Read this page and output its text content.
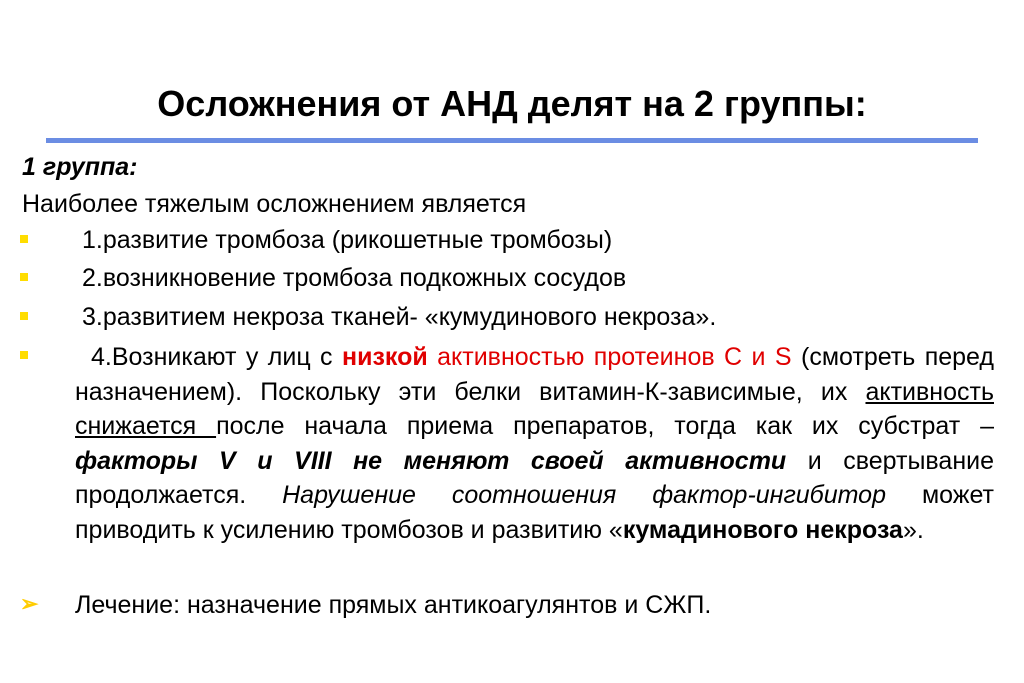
Осложнения от АНД делят на 2 группы:
1 группа:
Наиболее тяжелым осложнением является
1.развитие тромбоза (рикошетные тромбозы)
2.возникновение тромбоза подкожных сосудов
3.развитием некроза тканей- «кумудинового некроза».
4.Возникают у лиц с низкой активностью протеинов С и S (смотреть перед назначением). Поскольку эти белки витамин-К-зависимые, их активность снижается после начала приема препаратов, тогда как их субстрат –факторы V и VIII не меняют своей активности и свертывание продолжается. Нарушение соотношения фактор-ингибитор может приводить к усилению тромбозов и развитию «кумадинового некроза».
➢ Лечение: назначение прямых антикоагулянтов и СЖП.
